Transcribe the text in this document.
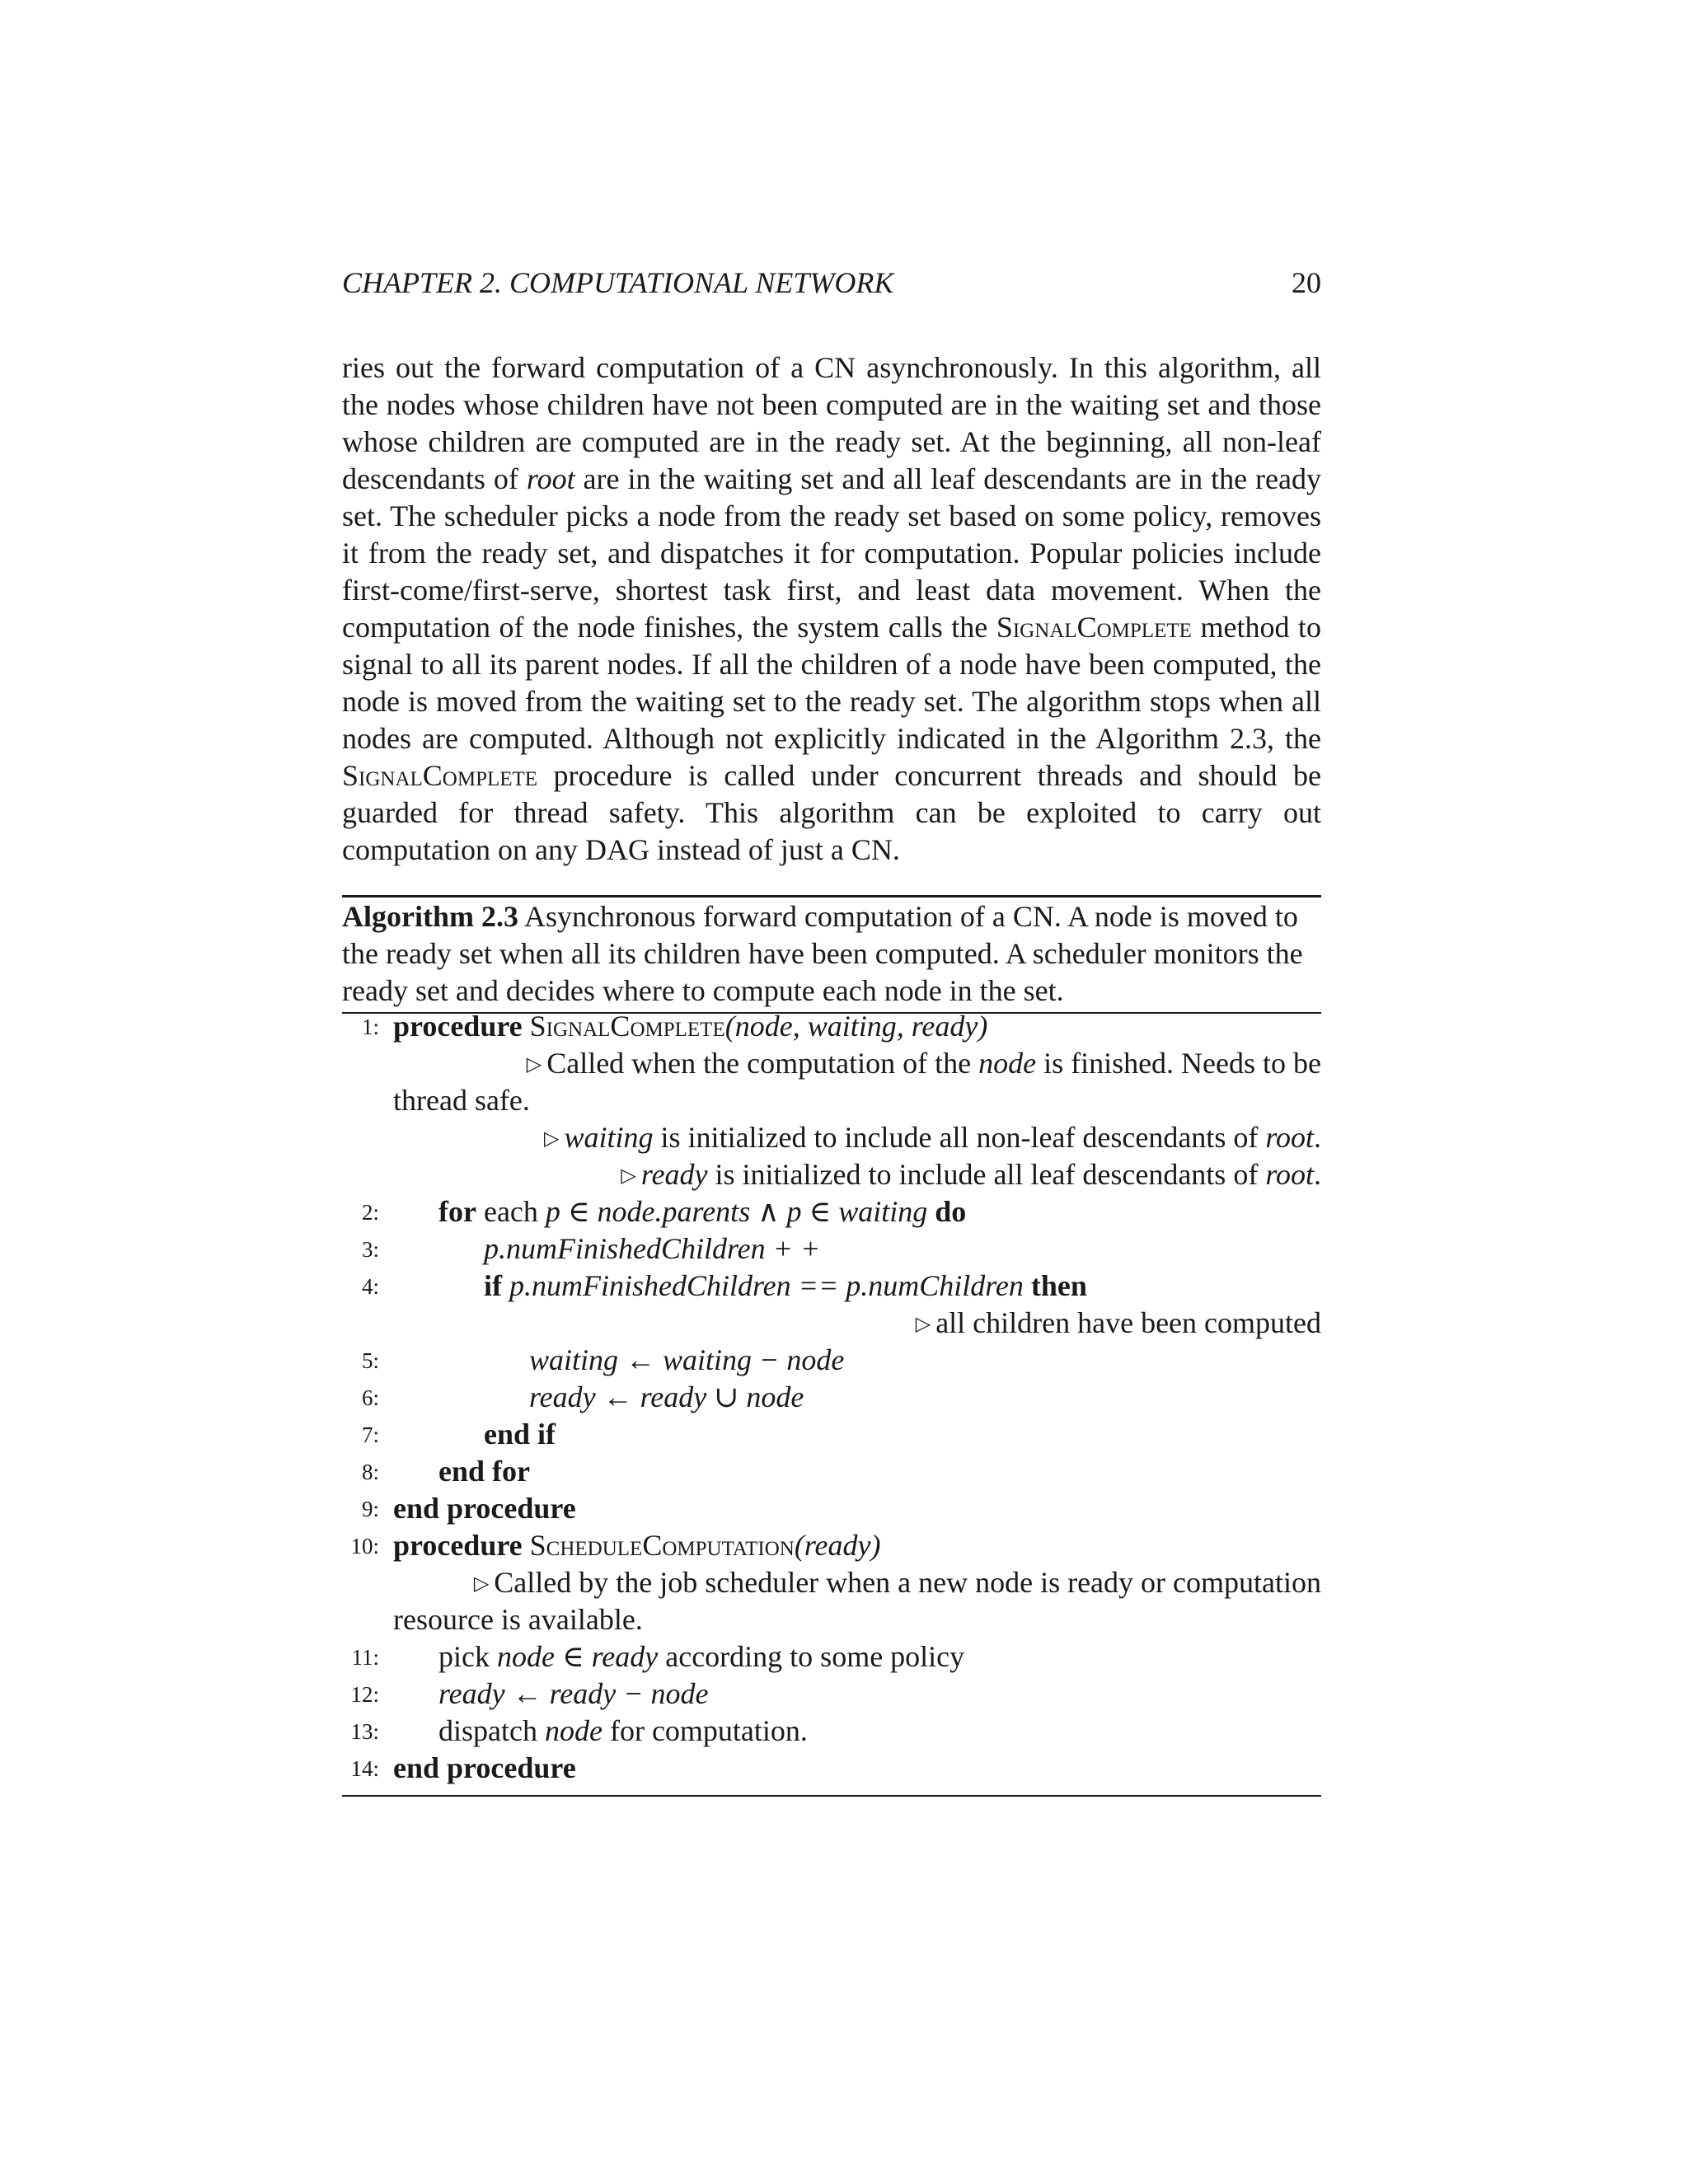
CHAPTER 2. COMPUTATIONAL NETWORK	20

ries out the forward computation of a CN asynchronously. In this algorithm, all the nodes whose children have not been computed are in the waiting set and those whose children are computed are in the ready set. At the beginning, all non-leaf descendants of root are in the waiting set and all leaf descendants are in the ready set. The scheduler picks a node from the ready set based on some policy, removes it from the ready set, and dispatches it for computation. Popular policies include first-come/first-serve, shortest task first, and least data movement. When the computation of the node finishes, the system calls the SignalComplete method to signal to all its parent nodes. If all the children of a node have been computed, the node is moved from the waiting set to the ready set. The algorithm stops when all nodes are computed. Although not explicitly indicated in the Algorithm 2.3, the SignalComplete procedure is called under concurrent threads and should be guarded for thread safety. This algorithm can be exploited to carry out computation on any DAG instead of just a CN.

Algorithm 2.3 Asynchronous forward computation of a CN. A node is moved to the ready set when all its children have been computed. A scheduler monitors the ready set and decides where to compute each node in the set.

1: procedure SignalComplete(node, waiting, ready)
▷ Called when the computation of the node is finished. Needs to be
thread safe.
▷ waiting is initialized to include all non-leaf descendants of root.
▷ ready is initialized to include all leaf descendants of root.
2: for each p ∈ node.parents ∧ p ∈ waiting do
3:	p.numFinishedChildren + +
4:	if p.numFinishedChildren == p.numChildren then
▷ all children have been computed
5:	waiting ← waiting − node
6:	ready ← ready ∪ node
7:	end if
8: end for
9: end procedure
10: procedure ScheduleComputation(ready)
▷ Called by the job scheduler when a new node is ready or computation
resource is available.
11: pick node ∈ ready according to some policy
12: ready ← ready − node
13: dispatch node for computation.
14: end procedure
